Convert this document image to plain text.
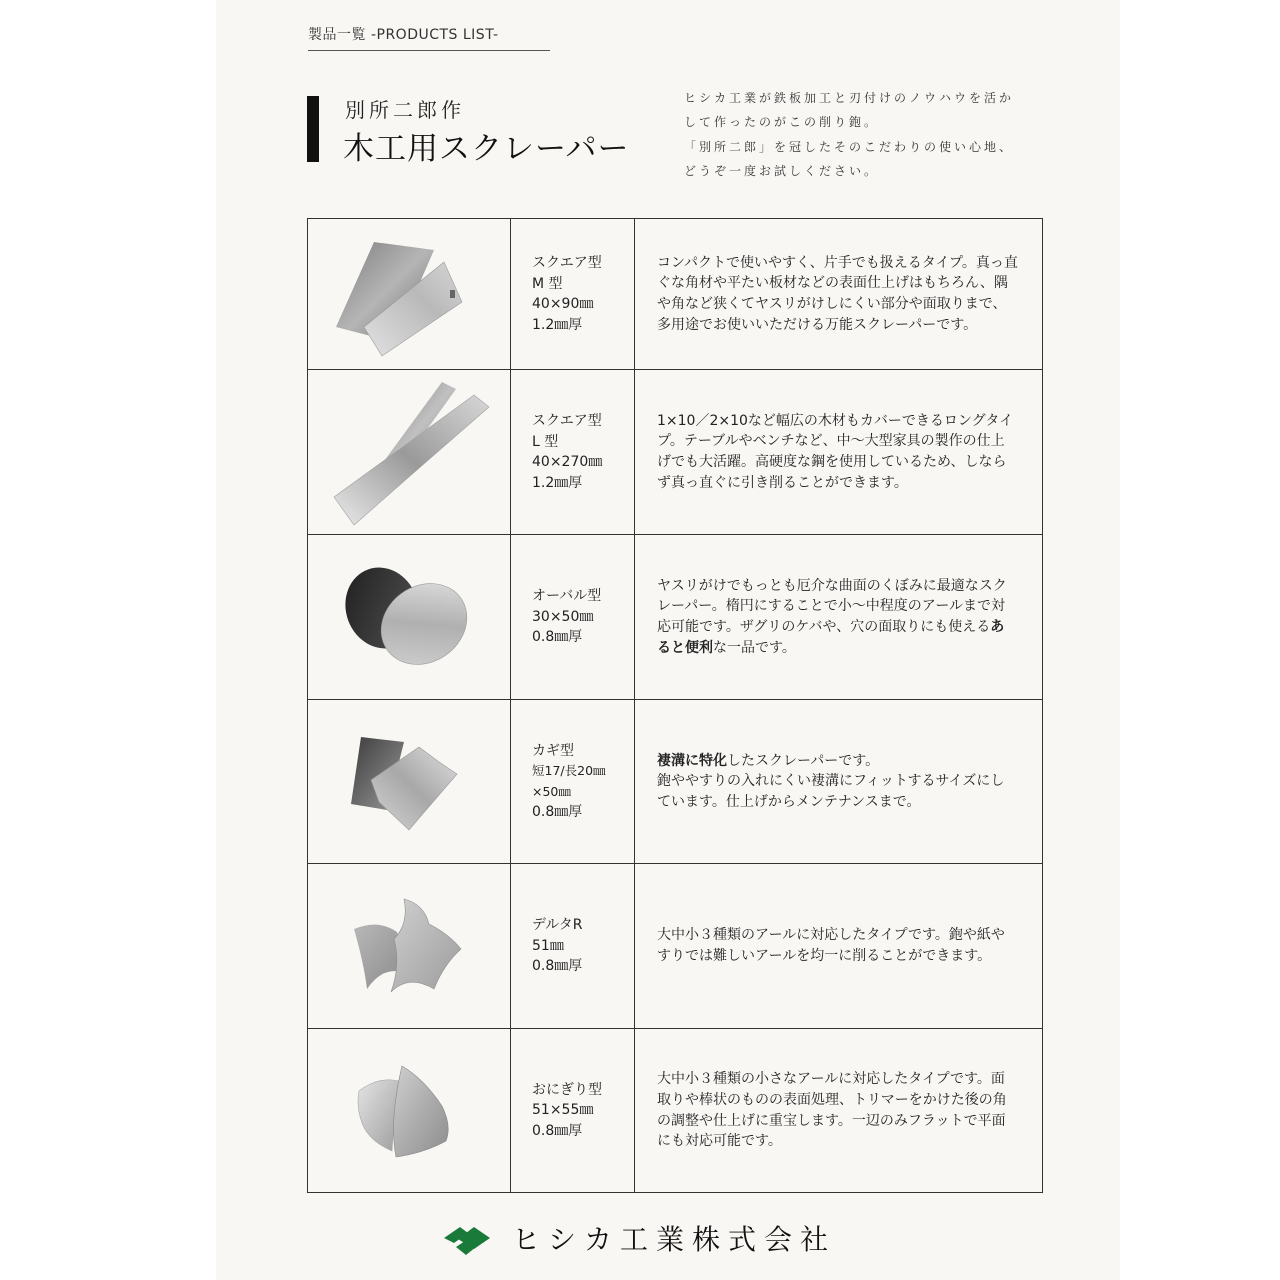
製品一覧 -PRODUCTS LIST-
別所二郎作
木工用スクレーパー
ヒシカ工業が鉄板加工と刃付けのノウハウを活か
して作ったのがこの削り鉋。
「別所二郎」を冠したそのこだわりの使い心地、
どうぞ一度お試しください。
スクエア型
M 型
40×90㎜
1.2㎜厚
コンパクトで使いやすく、片手でも扱えるタイプ。真っ直ぐな角材や平たい板材などの表面仕上げはもちろん、隅や角など狭くてヤスリがけしにくい部分や面取りまで、多用途でお使いいただける万能スクレーパーです。
スクエア型
L 型
40×270㎜
1.2㎜厚
1×10／2×10など幅広の木材もカバーできるロングタイプ。テーブルやベンチなど、中〜大型家具の製作の仕上げでも大活躍。高硬度な鋼を使用しているため、しならず真っ直ぐに引き削ることができます。
オーバル型
30×50㎜
0.8㎜厚
ヤスリがけでもっとも厄介な曲面のくぼみに最適なスクレーパー。楕円にすることで小〜中程度のアールまで対応可能です。ザグリのケバや、穴の面取りにも使えるあると便利な一品です。
カギ型
短17/長20㎜
×50㎜
0.8㎜厚
褄溝に特化したスクレーパーです。
鉋ややすりの入れにくい褄溝にフィットするサイズにしています。仕上げからメンテナンスまで。
デルタR
51㎜
0.8㎜厚
大中小３種類のアールに対応したタイプです。鉋や紙やすりでは難しいアールを均一に削ることができます。
おにぎり型
51×55㎜
0.8㎜厚
大中小３種類の小さなアールに対応したタイプです。面取りや棒状のものの表面処理、トリマーをかけた後の角の調整や仕上げに重宝します。一辺のみフラットで平面にも対応可能です。
ヒシカ工業株式会社
